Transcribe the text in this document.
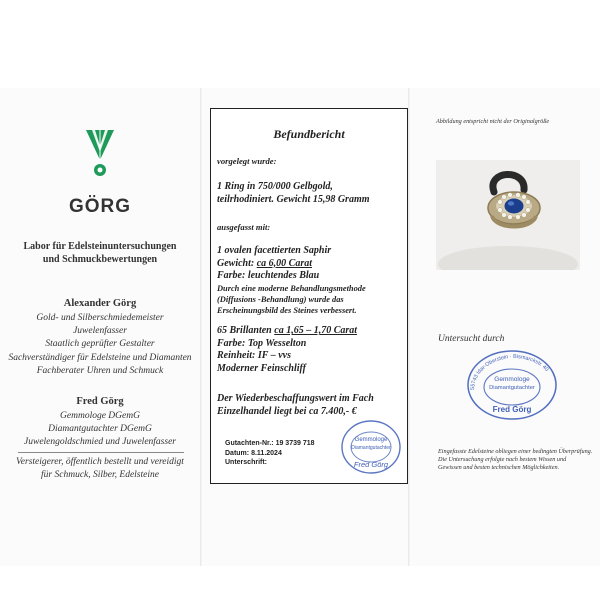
GÖRG
Labor für Edelsteinuntersuchungen
und Schmuckbewertungen
Alexander Görg
Gold- und Silberschmiedemeister
Juwelenfasser
Staatlich geprüfter Gestalter
Sachverständiger für Edelsteine und Diamanten
Fachberater Uhren und Schmuck
Fred Görg
Gemmologe DGemG
Diamantgutachter DGemG
Juwelengoldschmied und Juwelenfasser
Versteigerer, öffentlich bestellt und vereidigt
für Schmuck, Silber, Edelsteine
Befundbericht
vorgelegt wurde:
1 Ring in 750/000 Gelbgold,
teilrhodiniert. Gewicht 15,98 Gramm
ausgefasst mit:
1 ovalen facettierten Saphir
Gewicht: ca 6,00 Carat
Farbe: leuchtendes Blau
Durch eine moderne Behandlungsmethode
(Diffusions -Behandlung) wurde das
Erscheinungsbild des Steines verbessert.
65 Brillanten ca 1,65 – 1,70 Carat
Farbe: Top Wesselton
Reinheit: IF – vvs
Moderner Feinschliff
Der Wiederbeschaffungswert im Fach
Einzelhandel liegt bei ca 7.400,- €
Gutachten-Nr.: 19 3739 718
Datum: 8.11.2024
Unterschrift:
Gemmologe
Diamantgutachter
Fred Görg
Abbildung entspricht nicht der Originalgröße
Untersucht durch
55743 Idar-Oberstein · Bismarckstr. 40
Gemmologe
Diamantgutachter
Fred Görg
Eingefasste Edelsteine obliegen einer bedingten Überprüfung.
Die Untersuchung erfolgte nach bestem Wissen und
Gewissen und besten technischen Möglichkeiten.
